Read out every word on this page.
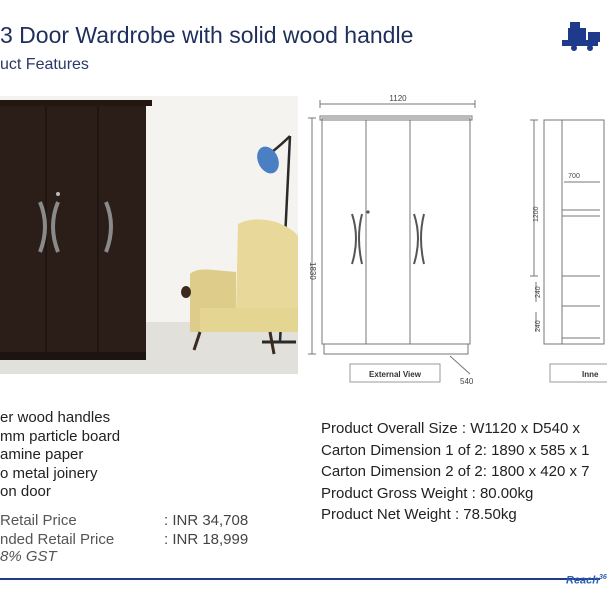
3 Door Wardrobe with solid wood handle
uct Features
1120
1830
540
External View
700
1200
240
240
Inne
er wood handles
mm particle board
amine paper
o metal joinery
on door
Retail Price	: INR 34,708
nded Retail Price	: INR 18,999
8% GST
Product Overall Size : W1120 x D540 x
Carton Dimension 1 of 2: 1890 x 585 x 1
Carton Dimension 2 of 2: 1800 x 420 x 7
Product Gross Weight : 80.00kg
Product Net Weight : 78.50kg
Reach$^{36}$
